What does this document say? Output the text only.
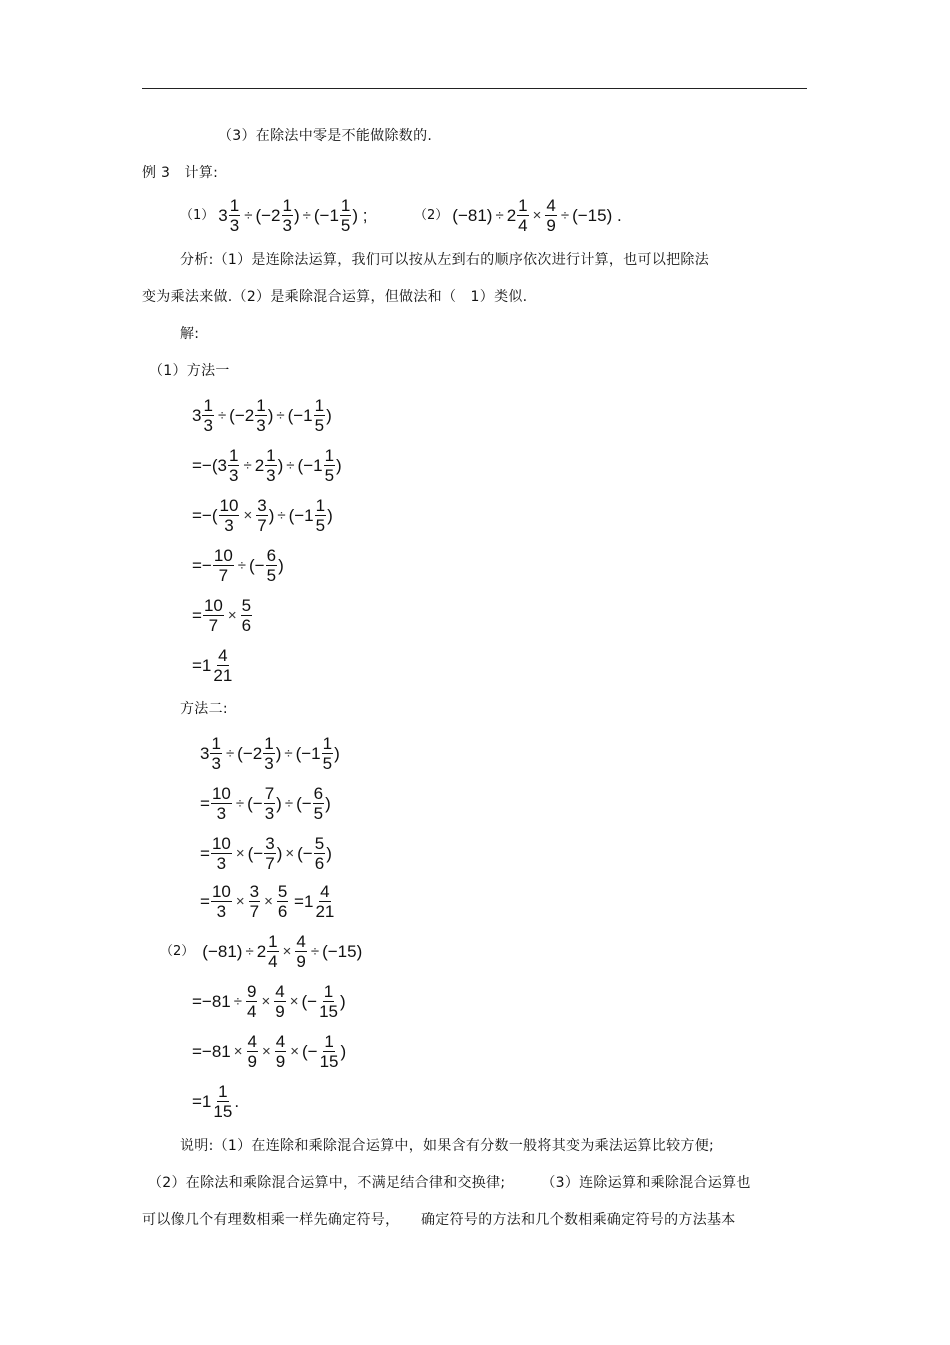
（3）在除法中零是不能做除数的.
例 3　计算:
（1） $3 \frac{1}{3} \div (-2$ 1
3
) ÷ (−1 1
5
) ;	（2） $(-81) \div 2 \frac{1}{4} \times \frac{4}{9} \div (-15)$ .
分析:（1）是连除法运算，我们可以按从左到右的顺序依次进行计算，也可以把除法
变为乘法来做.（2）是乘除混合运算，但做法和（　1）类似.
解:
（1）方法一
$3 \frac{1}{3} \div (-2$ 1
3
) ÷ (−1 1
5
)
$=-(3 \frac{1}{3} \div 2$ 1
3
) ÷ (−1 1
5
)
=−( $\frac{10}{3} \times \frac{3}{7}$ ) ÷ (−1 1
5
)
=− $\frac{10}{7}$ ÷ (− $\frac{6}{5}$ )
= $\frac{10}{7} \times \frac{5}{6}$
=1 4
21
方法二:
$3 \frac{1}{3} \div (-2$ 1
3
) ÷ (−1 1
5
)
= $\frac{10}{3}$ ÷ (− $\frac{7}{3}$ ) ÷ (− $\frac{6}{5}$ )
= $\frac{10}{3}$ × (− $\frac{3}{7}$ ) × (− $\frac{5}{6}$ )
= $\frac{10}{3} \times \frac{3}{7} \times \frac{5}{6} =1$ 4
21
（2） $(-81) \div 2 \frac{1}{4} \times \frac{4}{9} \div (-15)$
$=-81 \div \frac{9}{4} \times \frac{4}{9}$ × (− $\frac{1}{15}$ )
$=-81 \times \frac{4}{9} \times \frac{4}{9}$ × (− $\frac{1}{15}$ )
=1 1
15
.
说明:（1）在连除和乘除混合运算中，如果含有分数一般将其变为乘法运算比较方便;
（2）在除法和乘除混合运算中，不满足结合律和交换律;　　　（3）连除运算和乘除混合运算也
可以像几个有理数相乘一样先确定符号，　　确定符号的方法和几个数相乘确定符号的方法基本
